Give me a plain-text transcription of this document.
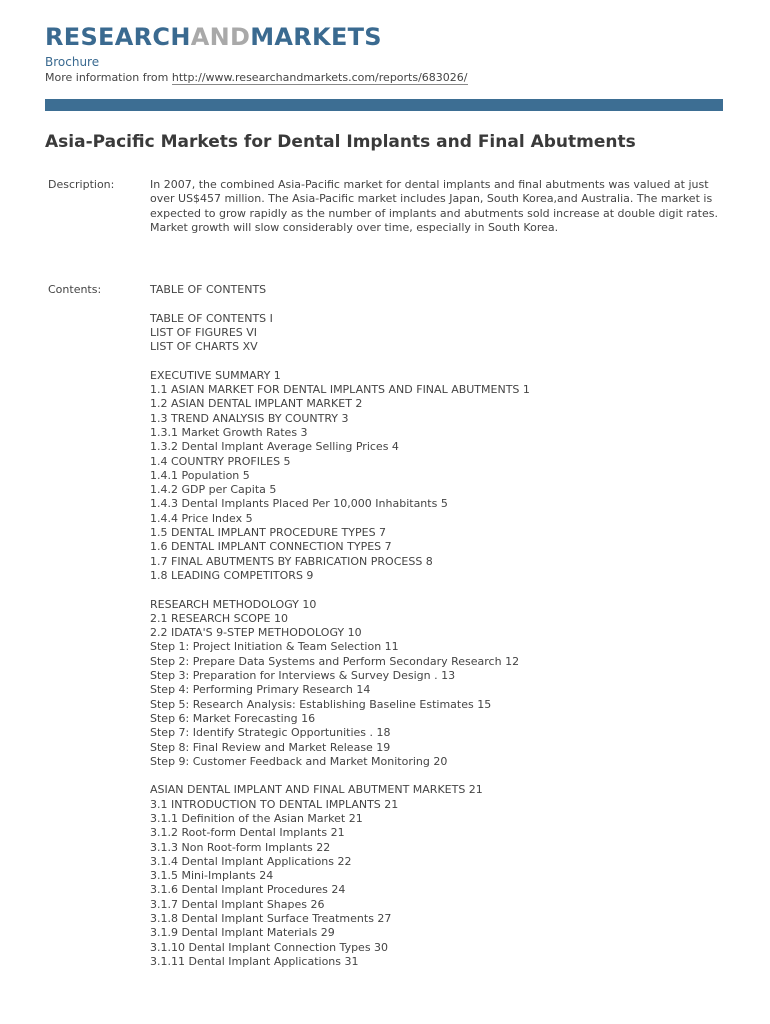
RESEARCHANDMARKETS
Brochure
More information from http://www.researchandmarkets.com/reports/683026/
Asia-Pacific Markets for Dental Implants and Final Abutments
Description:	In 2007, the combined Asia-Pacific market for dental implants and final abutments was valued at just over US$457 million. The Asia-Pacific market includes Japan, South Korea,and Australia. The market is expected to grow rapidly as the number of implants and abutments sold increase at double digit rates. Market growth will slow considerably over time, especially in South Korea.
Contents:	TABLE OF CONTENTS
TABLE OF CONTENTS I
LIST OF FIGURES VI
LIST OF CHARTS XV
EXECUTIVE SUMMARY 1
1.1 ASIAN MARKET FOR DENTAL IMPLANTS AND FINAL ABUTMENTS 1
1.2 ASIAN DENTAL IMPLANT MARKET 2
1.3 TREND ANALYSIS BY COUNTRY 3
1.3.1 Market Growth Rates 3
1.3.2 Dental Implant Average Selling Prices 4
1.4 COUNTRY PROFILES 5
1.4.1 Population 5
1.4.2 GDP per Capita 5
1.4.3 Dental Implants Placed Per 10,000 Inhabitants 5
1.4.4 Price Index 5
1.5 DENTAL IMPLANT PROCEDURE TYPES 7
1.6 DENTAL IMPLANT CONNECTION TYPES 7
1.7 FINAL ABUTMENTS BY FABRICATION PROCESS 8
1.8 LEADING COMPETITORS 9
RESEARCH METHODOLOGY 10
2.1 RESEARCH SCOPE 10
2.2 IDATA'S 9-STEP METHODOLOGY 10
Step 1: Project Initiation & Team Selection 11
Step 2: Prepare Data Systems and Perform Secondary Research 12
Step 3: Preparation for Interviews & Survey Design . 13
Step 4: Performing Primary Research 14
Step 5: Research Analysis: Establishing Baseline Estimates 15
Step 6: Market Forecasting 16
Step 7: Identify Strategic Opportunities . 18
Step 8: Final Review and Market Release 19
Step 9: Customer Feedback and Market Monitoring 20
ASIAN DENTAL IMPLANT AND FINAL ABUTMENT MARKETS 21
3.1 INTRODUCTION TO DENTAL IMPLANTS 21
3.1.1 Definition of the Asian Market 21
3.1.2 Root-form Dental Implants 21
3.1.3 Non Root-form Implants 22
3.1.4 Dental Implant Applications 22
3.1.5 Mini-Implants 24
3.1.6 Dental Implant Procedures 24
3.1.7 Dental Implant Shapes 26
3.1.8 Dental Implant Surface Treatments 27
3.1.9 Dental Implant Materials 29
3.1.10 Dental Implant Connection Types 30
3.1.11 Dental Implant Applications 31
